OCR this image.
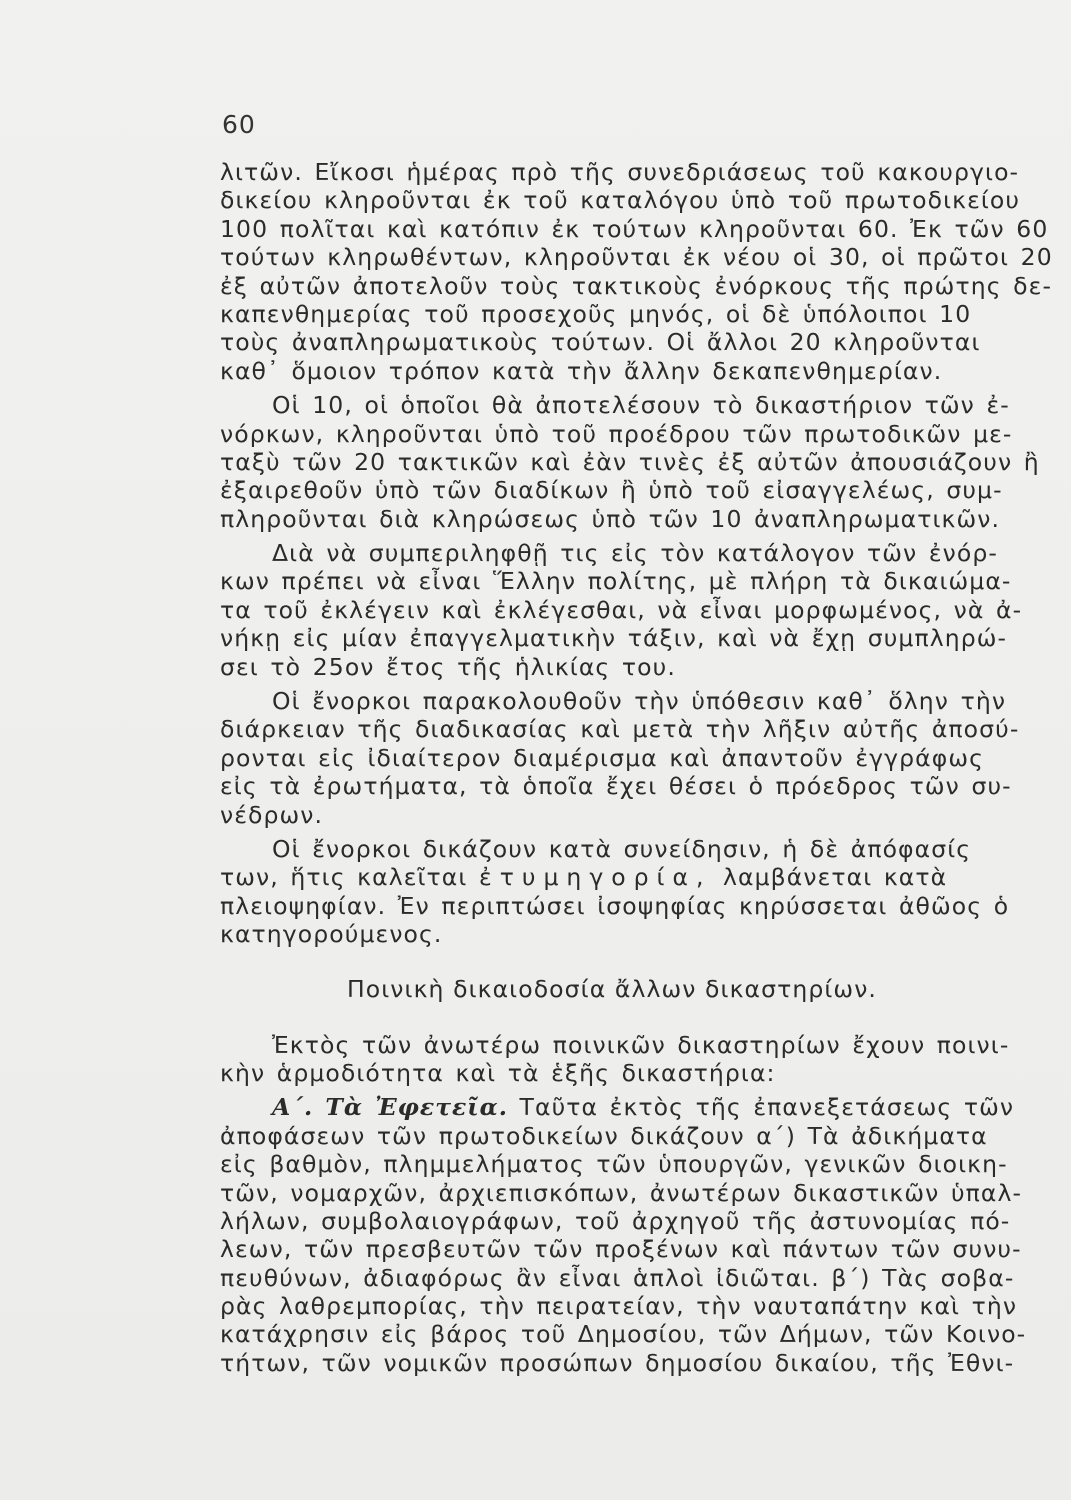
60
λιτῶν. Εἴκοσι ἡμέρας πρὸ τῆς συνεδριάσεως τοῦ κακουργιο-
δικείου κληροῦνται ἐκ τοῦ καταλόγου ὑπὸ τοῦ πρωτοδικείου
100 πολῖται καὶ κατόπιν ἐκ τούτων κληροῦνται 60. Ἐκ τῶν 60
τούτων κληρωθέντων, κληροῦνται ἐκ νέου οἱ 30, οἱ πρῶτοι 20
ἐξ αὐτῶν ἀποτελοῦν τοὺς τακτικοὺς ἐνόρκους τῆς πρώτης δε-
καπενθημερίας τοῦ προσεχοῦς μηνός, οἱ δὲ ὑπόλοιποι 10
τοὺς ἀναπληρωματικοὺς τούτων. Οἱ ἄλλοι 20 κληροῦνται
καθ᾽ ὅμοιον τρόπον κατὰ τὴν ἄλλην δεκαπενθημερίαν.
Οἱ 10, οἱ ὁποῖοι θὰ ἀποτελέσουν τὸ δικαστήριον τῶν ἐ-
νόρκων, κληροῦνται ὑπὸ τοῦ προέδρου τῶν πρωτοδικῶν με-
ταξὺ τῶν 20 τακτικῶν καὶ ἐὰν τινὲς ἐξ αὐτῶν ἀπουσιάζουν ἢ
ἐξαιρεθοῦν ὑπὸ τῶν διαδίκων ἢ ὑπὸ τοῦ εἰσαγγελέως, συμ-
πληροῦνται διὰ κληρώσεως ὑπὸ τῶν 10 ἀναπληρωματικῶν.
Διὰ νὰ συμπεριληφθῇ τις εἰς τὸν κατάλογον τῶν ἐνόρ-
κων πρέπει νὰ εἶναι Ἕλλην πολίτης, μὲ πλήρη τὰ δικαιώμα-
τα τοῦ ἐκλέγειν καὶ ἐκλέγεσθαι, νὰ εἶναι μορφωμένος, νὰ ἀ-
νήκῃ εἰς μίαν ἐπαγγελματικὴν τάξιν, καὶ νὰ ἔχῃ συμπληρώ-
σει τὸ 25ον ἔτος τῆς ἡλικίας του.
Οἱ ἔνορκοι παρακολουθοῦν τὴν ὑπόθεσιν καθ᾽ ὅλην τὴν
διάρκειαν τῆς διαδικασίας καὶ μετὰ τὴν λῆξιν αὐτῆς ἀποσύ-
ρονται εἰς ἰδιαίτερον διαμέρισμα καὶ ἀπαντοῦν ἐγγράφως
εἰς τὰ ἐρωτήματα, τὰ ὁποῖα ἔχει θέσει ὁ πρόεδρος τῶν συ-
νέδρων.
Οἱ ἔνορκοι δικάζουν κατὰ συνείδησιν, ἡ δὲ ἀπόφασίς
των, ἥτις καλεῖται ἐτυμηγορία, λαμβάνεται κατὰ
πλειοψηφίαν. Ἐν περιπτώσει ἰσοψηφίας κηρύσσεται ἀθῶος ὁ
κατηγορούμενος.
Ποινικὴ δικαιοδοσία ἄλλων δικαστηρίων.
Ἐκτὸς τῶν ἀνωτέρω ποινικῶν δικαστηρίων ἔχουν ποινι-
κὴν ἁρμοδιότητα καὶ τὰ ἑξῆς δικαστήρια:
Α΄. Τὰ Ἐφετεῖα. Ταῦτα ἐκτὸς τῆς ἐπανεξετάσεως τῶν
ἀποφάσεων τῶν πρωτοδικείων δικάζουν α΄) Τὰ ἀδικήματα
εἰς βαθμὸν, πλημμελήματος τῶν ὑπουργῶν, γενικῶν διοικη-
τῶν, νομαρχῶν, ἀρχιεπισκόπων, ἀνωτέρων δικαστικῶν ὑπαλ-
λήλων, συμβολαιογράφων, τοῦ ἀρχηγοῦ τῆς ἀστυνομίας πό-
λεων, τῶν πρεσβευτῶν τῶν προξένων καὶ πάντων τῶν συνυ-
πευθύνων, ἀδιαφόρως ἂν εἶναι ἁπλοὶ ἰδιῶται. β΄) Τὰς σοβα-
ρὰς λαθρεμπορίας, τὴν πειρατείαν, τὴν ναυταπάτην καὶ τὴν
κατάχρησιν εἰς βάρος τοῦ Δημοσίου, τῶν Δήμων, τῶν Κοινο-
τήτων, τῶν νομικῶν προσώπων δημοσίου δικαίου, τῆς Ἐθνι-
